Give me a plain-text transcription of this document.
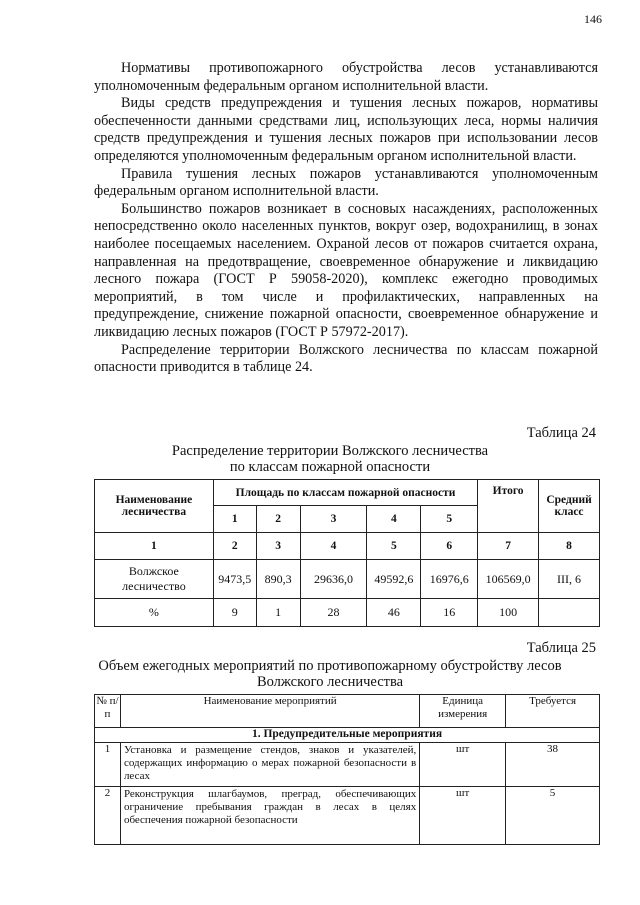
146

Нормативы противопожарного обустройства лесов устанавливаются уполномоченным федеральным органом исполнительной власти.

Виды средств предупреждения и тушения лесных пожаров, нормативы обеспеченности данными средствами лиц, использующих леса, нормы наличия средств предупреждения и тушения лесных пожаров при использовании лесов определяются уполномоченным федеральным органом исполнительной власти.

Правила тушения лесных пожаров устанавливаются уполномоченным федеральным органом исполнительной власти.

Большинство пожаров возникает в сосновых насаждениях, расположенных непосредственно около населенных пунктов, вокруг озер, водохранилищ, в зонах наиболее посещаемых населением. Охраной лесов от пожаров считается охрана, направленная на предотвращение, своевременное обнаружение и ликвидацию лесного пожара (ГОСТ Р 59058-2020), комплекс ежегодно проводимых мероприятий, в том числе и профилактических, направленных на предупреждение, снижение пожарной опасности, своевременное обнаружение и ликвидацию лесных пожаров (ГОСТ Р 57972-2017).

Распределение территории Волжского лесничества по классам пожарной опасности приводится в таблице 24.

Таблица 24
Распределение территории Волжского лесничества
по классам пожарной опасности
Наименование лесничества	Площадь по классам пожарной опасности					Итого	Средний класс
	1	2	3	4	5		
1	2	3	4	5	6	7	8
Волжское лесничество	9473,5	890,3	29636,0	49592,6	16976,6	106569,0	III, 6
%	9	1	28	46	16	100	
Таблица 25
Объем ежегодных мероприятий по противопожарному обустройству лесов
Волжского лесничества
№ п/п	Наименование мероприятий	Единица измерения	Требуется
1. Предупредительные мероприятия			
1	Установка и размещение стендов, знаков и указателей, содержащих информацию о мерах пожарной безопасности в лесах	шт	38
2	Реконструкция шлагбаумов, преград, обеспечивающих ограничение пребывания граждан в лесах в целях обеспечения пожарной безопасности	шт	5
